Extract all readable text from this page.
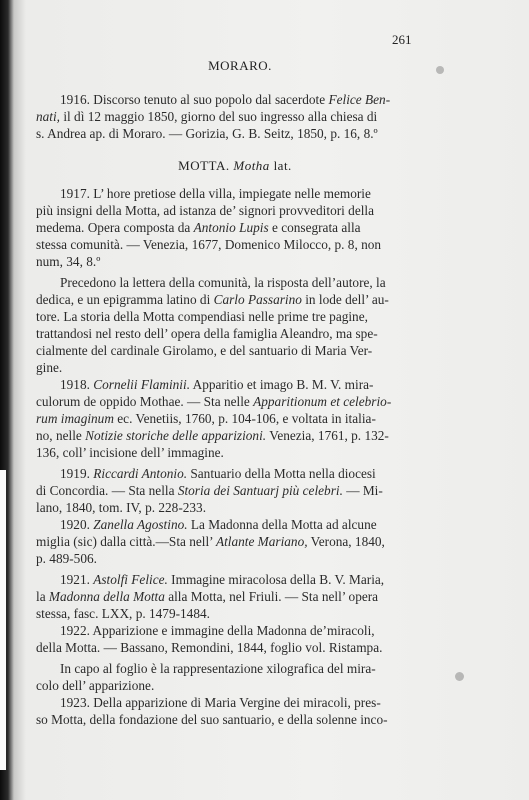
261
MORARO.
MOTTA. Motha lat.
1916. Discorso tenuto al suo popolo dal sacerdote Felice Ben-
nati, il dì 12 maggio 1850, giorno del suo ingresso alla chiesa di
s. Andrea ap. di Moraro. — Gorizia, G. B. Seitz, 1850, p. 16, 8.º
1917. L’ hore pretiose della villa, impiegate nelle memorie
più insigni della Motta, ad istanza de’ signori provveditori della
medema. Opera composta da Antonio Lupis e consegrata alla
stessa comunità. — Venezia, 1677, Domenico Milocco, p. 8, non
num, 34, 8.º
Precedono la lettera della comunità, la risposta dell’autore, la
dedica, e un epigramma latino di Carlo Passarino in lode dell’ au-
tore. La storia della Motta compendiasi nelle prime tre pagine,
trattandosi nel resto dell’ opera della famiglia Aleandro, ma spe-
cialmente del cardinale Girolamo, e del santuario di Maria Ver-
gine.
1918. Cornelii Flaminii. Apparitio et imago B. M. V. mira-
culorum de oppido Mothae. — Sta nelle Apparitionum et celebrio-
rum imaginum ec. Venetiis, 1760, p. 104-106, e voltata in italia-
no, nelle Notizie storiche delle apparizioni. Venezia, 1761, p. 132-
136, coll’ incisione dell’ immagine.
1919. Riccardi Antonio. Santuario della Motta nella diocesi
di Concordia. — Sta nella Storia dei Santuarj più celebri. — Mi-
lano, 1840, tom. IV, p. 228-233.
1920. Zanella Agostino. La Madonna della Motta ad alcune
miglia (sic) dalla città.—Sta nell’ Atlante Mariano, Verona, 1840,
p. 489-506.
1921. Astolfi Felice. Immagine miracolosa della B. V. Maria,
la Madonna della Motta alla Motta, nel Friuli. — Sta nell’ opera
stessa, fasc. LXX, p. 1479-1484.
1922. Apparizione e immagine della Madonna de’miracoli,
della Motta. — Bassano, Remondini, 1844, foglio vol. Ristampa.
In capo al foglio è la rappresentazione xilografica del mira-
colo dell’ apparizione.
1923. Della apparizione di Maria Vergine dei miracoli, pres-
so Motta, della fondazione del suo santuario, e della solenne inco-
